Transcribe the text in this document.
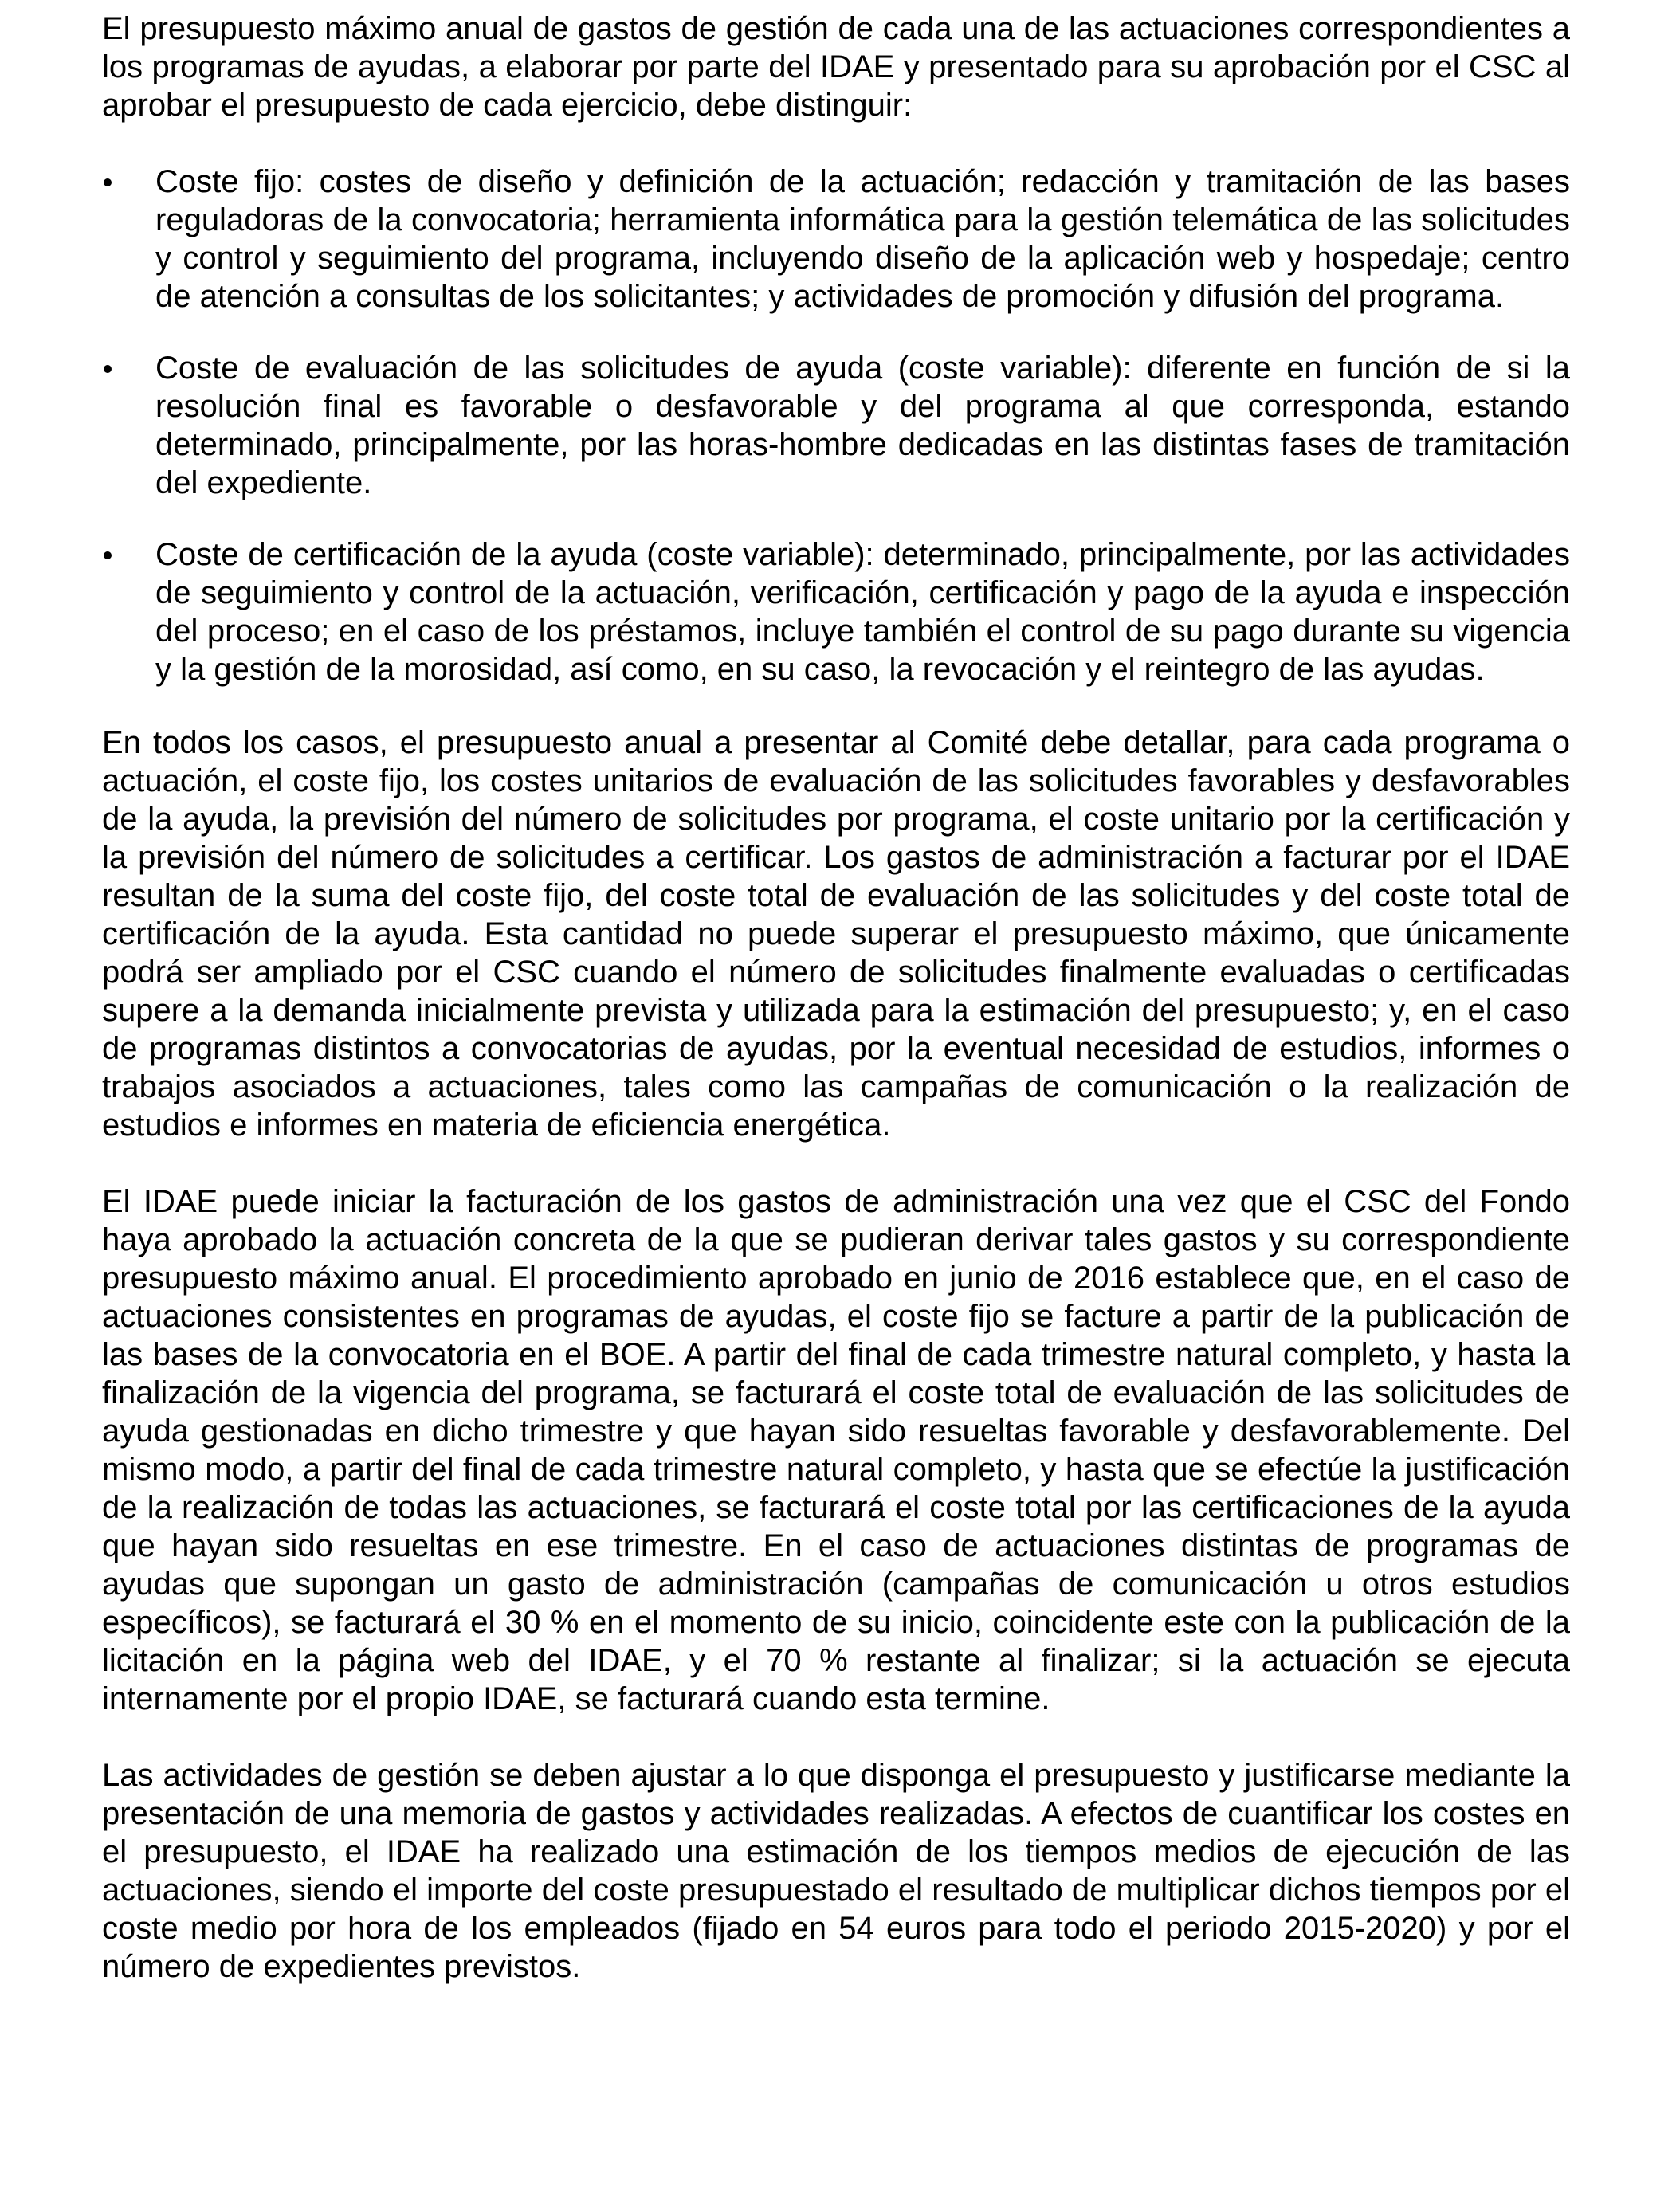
El presupuesto máximo anual de gastos de gestión de cada una de las actuaciones correspondientes a los programas de ayudas, a elaborar por parte del IDAE y presentado para su aprobación por el CSC al aprobar el presupuesto de cada ejercicio, debe distinguir:

Coste fijo: costes de diseño y definición de la actuación; redacción y tramitación de las bases reguladoras de la convocatoria; herramienta informática para la gestión telemática de las solicitudes y control y seguimiento del programa, incluyendo diseño de la aplicación web y hospedaje; centro de atención a consultas de los solicitantes; y actividades de promoción y difusión del programa.

Coste de evaluación de las solicitudes de ayuda (coste variable): diferente en función de si la resolución final es favorable o desfavorable y del programa al que corresponda, estando determinado, principalmente, por las horas-hombre dedicadas en las distintas fases de tramitación del expediente.

Coste de certificación de la ayuda (coste variable): determinado, principalmente, por las actividades de seguimiento y control de la actuación, verificación, certificación y pago de la ayuda e inspección del proceso; en el caso de los préstamos, incluye también el control de su pago durante su vigencia y la gestión de la morosidad, así como, en su caso, la revocación y el reintegro de las ayudas.

En todos los casos, el presupuesto anual a presentar al Comité debe detallar, para cada programa o actuación, el coste fijo, los costes unitarios de evaluación de las solicitudes favorables y desfavorables de la ayuda, la previsión del número de solicitudes por programa, el coste unitario por la certificación y la previsión del número de solicitudes a certificar. Los gastos de administración a facturar por el IDAE resultan de la suma del coste fijo, del coste total de evaluación de las solicitudes y del coste total de certificación de la ayuda. Esta cantidad no puede superar el presupuesto máximo, que únicamente podrá ser ampliado por el CSC cuando el número de solicitudes finalmente evaluadas o certificadas supere a la demanda inicialmente prevista y utilizada para la estimación del presupuesto; y, en el caso de programas distintos a convocatorias de ayudas, por la eventual necesidad de estudios, informes o trabajos asociados a actuaciones, tales como las campañas de comunicación o la realización de estudios e informes en materia de eficiencia energética.

El IDAE puede iniciar la facturación de los gastos de administración una vez que el CSC del Fondo haya aprobado la actuación concreta de la que se pudieran derivar tales gastos y su correspondiente presupuesto máximo anual. El procedimiento aprobado en junio de 2016 establece que, en el caso de actuaciones consistentes en programas de ayudas, el coste fijo se facture a partir de la publicación de las bases de la convocatoria en el BOE. A partir del final de cada trimestre natural completo, y hasta la finalización de la vigencia del programa, se facturará el coste total de evaluación de las solicitudes de ayuda gestionadas en dicho trimestre y que hayan sido resueltas favorable y desfavorablemente. Del mismo modo, a partir del final de cada trimestre natural completo, y hasta que se efectúe la justificación de la realización de todas las actuaciones, se facturará el coste total por las certificaciones de la ayuda que hayan sido resueltas en ese trimestre. En el caso de actuaciones distintas de programas de ayudas que supongan un gasto de administración (campañas de comunicación u otros estudios específicos), se facturará el 30 % en el momento de su inicio, coincidente este con la publicación de la licitación en la página web del IDAE, y el 70 % restante al finalizar; si la actuación se ejecuta internamente por el propio IDAE, se facturará cuando esta termine.

Las actividades de gestión se deben ajustar a lo que disponga el presupuesto y justificarse mediante la presentación de una memoria de gastos y actividades realizadas. A efectos de cuantificar los costes en el presupuesto, el IDAE ha realizado una estimación de los tiempos medios de ejecución de las actuaciones, siendo el importe del coste presupuestado el resultado de multiplicar dichos tiempos por el coste medio por hora de los empleados (fijado en 54 euros para todo el periodo 2015-2020) y por el número de expedientes previstos.
